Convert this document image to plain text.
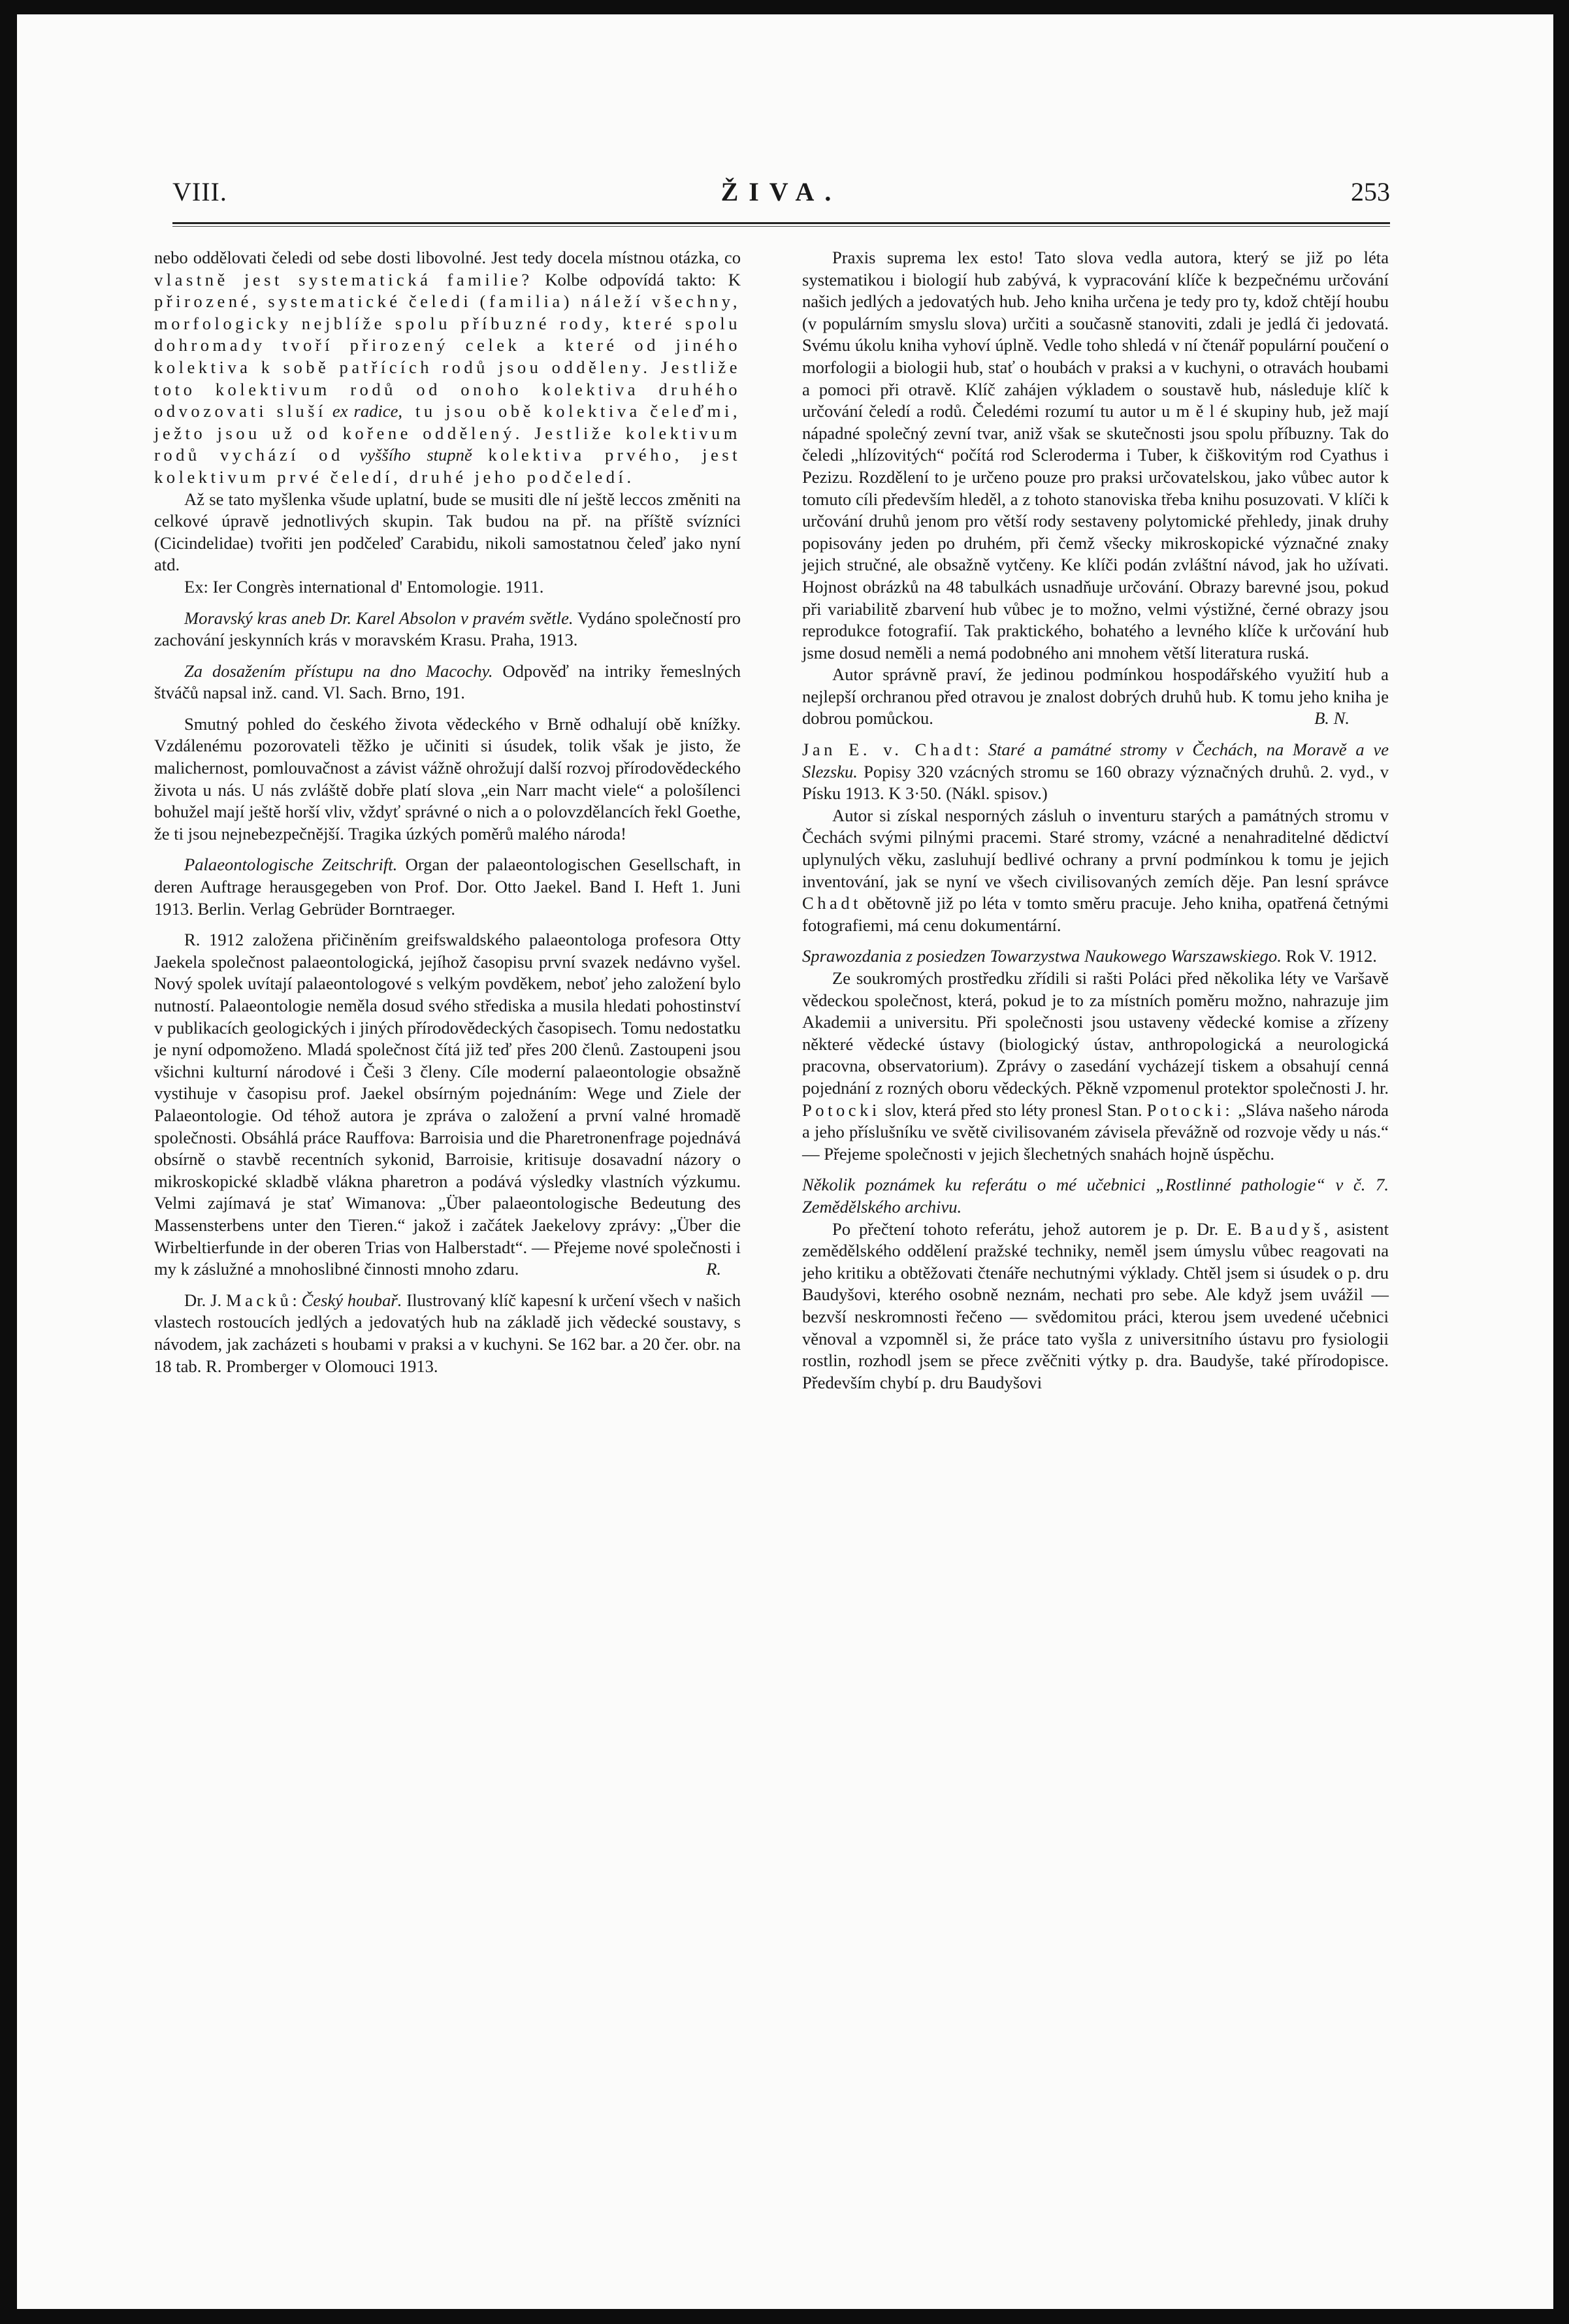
VIII.	ŽIVA.	253

nebo oddělovati čeledi od sebe dosti libovolné. Jest tedy docela místnou otázka, co vlastně jest systematická familie? Kolbe odpovídá takto: K přirozené, systematické čeledi (familia) náleží všechny, morfologicky nejblíže spolu příbuzné rody, které spolu dohromady tvoří přirozený celek a které od jiného kolektiva k sobě patřících rodů jsou odděleny. Jestliže toto kolektivum rodů od onoho kolektiva druhého odvozovati sluší ex radice, tu jsou obě kolektiva čeleďmi, ježto jsou už od kořene oddělený. Jestliže kolektivum rodů vychází od vyššího stupně kolektiva prvého, jest kolektivum prvé čeledí, druhé jeho podčeledí.

Až se tato myšlenka všude uplatní, bude se musiti dle ní ještě leccos změniti na celkové úpravě jednotlivých skupin. Tak budou na př. na příště svízníci (Cicindelidae) tvořiti jen podčeleď Carabidu, nikoli samostatnou čeleď jako nyní atd.

Ex: Ier Congrès international d' Entomologie. 1911.

Moravský kras aneb Dr. Karel Absolon v pravém světle. Vydáno společností pro zachování jeskynních krás v moravském Krasu. Praha, 1913.

Za dosažením přístupu na dno Macochy. Odpověď na intriky řemeslných štváčů napsal inž. cand. Vl. Sach. Brno, 191.

Smutný pohled do českého života vědeckého v Brně odhalují obě knížky. Vzdálenému pozorovateli těžko je učiniti si úsudek, tolik však je jisto, že malichernost, pomlouvačnost a závist vážně ohrožují další rozvoj přírodovědeckého života u nás. U nás zvláště dobře platí slova „ein Narr macht viele“ a pološílenci bohužel mají ještě horší vliv, vždyť správné o nich a o polovzdělancích řekl Goethe, že ti jsou nejnebezpečnější. Tragika úzkých poměrů malého národa!

Palaeontologische Zeitschrift. Organ der palaeontologischen Gesellschaft, in deren Auftrage herausgegeben von Prof. Dor. Otto Jaekel. Band I. Heft 1. Juni 1913. Berlin. Verlag Gebrüder Borntraeger.

R. 1912 založena přičiněním greifswaldského palaeontologa profesora Otty Jaekela společnost palaeontologická, jejíhož časopisu první svazek nedávno vyšel. Nový spolek uvítají palaeontologové s velkým povděkem, neboť jeho založení bylo nutností. Palaeontologie neměla dosud svého střediska a musila hledati pohostinství v publikacích geologických i jiných přírodovědeckých časopisech. Tomu nedostatku je nyní odpomoženo. Mladá společnost čítá již teď přes 200 členů. Zastoupeni jsou všichni kulturní národové i Češi 3 členy. Cíle moderní palaeontologie obsažně vystihuje v časopisu prof. Jaekel obsírným pojednáním: Wege und Ziele der Palaeontologie. Od téhož autora je zpráva o založení a první valné hromadě společnosti. Obsáhlá práce Rauffova: Barroisia und die Pharetronenfrage pojednává obsírně o stavbě recentních sykonid, Barroisie, kritisuje dosavadní názory o mikroskopické skladbě vlákna pharetron a podává výsledky vlastních výzkumu. Velmi zajímavá je stať Wimanova: „Über palaeontologische Bedeutung des Massensterbens unter den Tieren.“ jakož i začátek Jaekelovy zprávy: „Über die Wirbeltierfunde in der oberen Trias von Halberstadt“. — Přejeme nové společnosti i my k záslužné a mnohoslibné činnosti mnoho zdaru.	R.

Dr. J. Macků: Český houbař. Ilustrovaný klíč kapesní k určení všech v našich vlastech rostoucích jedlých a jedovatých hub na základě jich vědecké soustavy, s návodem, jak zacházeti s houbami v praksi a v kuchyni. Se 162 bar. a 20 čer. obr. na 18 tab. R. Promberger v Olomouci 1913.

Praxis suprema lex esto! Tato slova vedla autora, který se již po léta systematikou i biologií hub zabývá, k vypracování klíče k bezpečnému určování našich jedlých a jedovatých hub. Jeho kniha určena je tedy pro ty, kdož chtějí houbu (v populárním smyslu slova) určiti a současně stanoviti, zdali je jedlá či jedovatá. Svému úkolu kniha vyhoví úplně. Vedle toho shledá v ní čtenář populární poučení o morfologii a biologii hub, stať o houbách v praksi a v kuchyni, o otravách houbami a pomoci při otravě. Klíč zahájen výkladem o soustavě hub, následuje klíč k určování čeledí a rodů. Čeledémi rozumí tu autor u m ě l é skupiny hub, jež mají nápadné společný zevní tvar, aniž však se skutečnosti jsou spolu příbuzny. Tak do čeledi „hlízovitých“ počítá rod Scleroderma i Tuber, k čiškovitým rod Cyathus i Pezizu. Rozdělení to je určeno pouze pro praksi určovatelskou, jako vůbec autor k tomuto cíli především hleděl, a z tohoto stanoviska třeba knihu posuzovati. V klíči k určování druhů jenom pro větší rody sestaveny polytomické přehledy, jinak druhy popisovány jeden po druhém, při čemž všecky mikroskopické význačné znaky jejich stručné, ale obsažně vytčeny. Ke klíči podán zvláštní návod, jak ho užívati. Hojnost obrázků na 48 tabulkách usnadňuje určování. Obrazy barevné jsou, pokud při variabilitě zbarvení hub vůbec je to možno, velmi výstižné, černé obrazy jsou reprodukce fotografií. Tak praktického, bohatého a levného klíče k určování hub jsme dosud neměli a nemá podobného ani mnohem větší literatura ruská.

Autor správně praví, že jedinou podmínkou hospodářského využití hub a nejlepší orchranou před otravou je znalost dobrých druhů hub. K tomu jeho kniha je dobrou pomůckou.	B. N.

Jan E. v. Chadt: Staré a památné stromy v Čechách, na Moravě a ve Slezsku. Popisy 320 vzácných stromu se 160 obrazy význačných druhů. 2. vyd., v Písku 1913. K 3·50. (Nákl. spisov.)

Autor si získal nesporných zásluh o inventuru starých a památných stromu v Čechách svými pilnými pracemi. Staré stromy, vzácné a nenahraditelné dědictví uplynulých věku, zasluhují bedlivé ochrany a první podmínkou k tomu je jejich inventování, jak se nyní ve všech civilisovaných zemích děje. Pan lesní správce Chadt obětovně již po léta v tomto směru pracuje. Jeho kniha, opatřená četnými fotografiemi, má cenu dokumentární.

Sprawozdania z posiedzen Towarzystwa Naukowego Warszawskiego. Rok V. 1912.

Ze soukromých prostředku zřídili si rašti Poláci před několika léty ve Varšavě vědeckou společnost, která, pokud je to za místních poměru možno, nahrazuje jim Akademii a universitu. Při společnosti jsou ustaveny vědecké komise a zřízeny některé vědecké ústavy (biologický ústav, anthropologická a neurologická pracovna, observatorium). Zprávy o zasedání vycházejí tiskem a obsahují cenná pojednání z rozných oboru vědeckých. Pěkně vzpomenul protektor společnosti J. hr. Potocki slov, která před sto léty pronesl Stan. Potocki: „Sláva našeho národa a jeho příslušníku ve světě civilisovaném závisela převážně od rozvoje vědy u nás.“ — Přejeme společnosti v jejich šlechetných snahách hojně úspěchu.

Několik poznámek ku referátu o mé učebnici „Rostlinné pathologie“ v č. 7. Zemědělského archivu.

Po přečtení tohoto referátu, jehož autorem je p. Dr. E. Baudyš, asistent zemědělského oddělení pražské techniky, neměl jsem úmyslu vůbec reagovati na jeho kritiku a obtěžovati čtenáře nechutnými výklady. Chtěl jsem si úsudek o p. dru Baudyšovi, kterého osobně neznám, nechati pro sebe. Ale když jsem uvážil — bezvší neskromnosti řečeno — svědomitou práci, kterou jsem uvedené učebnici věnoval a vzpomněl si, že práce tato vyšla z universitního ústavu pro fysiologii rostlin, rozhodl jsem se přece zvěčniti výtky p. dra. Baudyše, také přírodopisce. Především chybí p. dru Baudyšovi
